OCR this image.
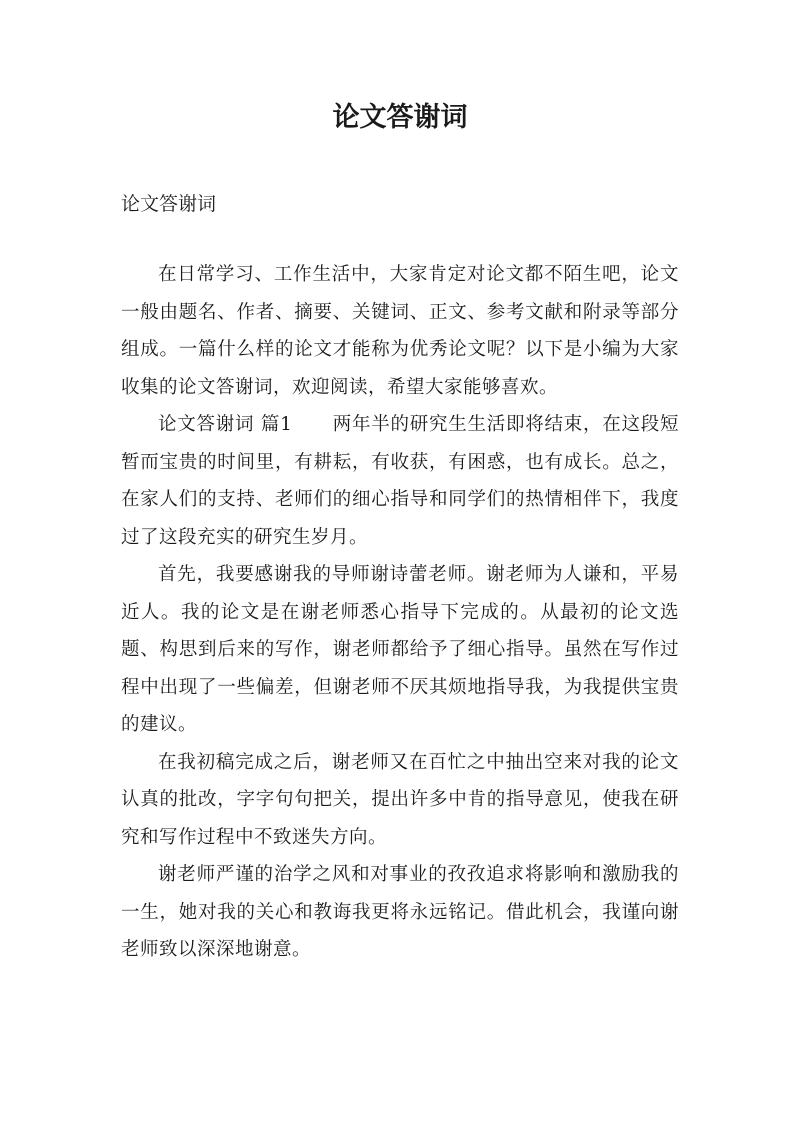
论文答谢词
论文答谢词

在日常学习、工作生活中，大家肯定对论文都不陌生吧，论文一般由题名、作者、摘要、关键词、正文、参考文献和附录等部分组成。一篇什么样的论文才能称为优秀论文呢？以下是小编为大家收集的论文答谢词，欢迎阅读，希望大家能够喜欢。

论文答谢词 篇1 两年半的研究生生活即将结束，在这段短暂而宝贵的时间里，有耕耘，有收获，有困惑，也有成长。总之，在家人们的支持、老师们的细心指导和同学们的热情相伴下，我度过了这段充实的研究生岁月。

首先，我要感谢我的导师谢诗蕾老师。谢老师为人谦和，平易近人。我的论文是在谢老师悉心指导下完成的。从最初的论文选题、构思到后来的写作，谢老师都给予了细心指导。虽然在写作过程中出现了一些偏差，但谢老师不厌其烦地指导我，为我提供宝贵的建议。

在我初稿完成之后，谢老师又在百忙之中抽出空来对我的论文认真的批改，字字句句把关，提出许多中肯的指导意见，使我在研究和写作过程中不致迷失方向。

谢老师严谨的治学之风和对事业的孜孜追求将影响和激励我的一生，她对我的关心和教诲我更将永远铭记。借此机会，我谨向谢老师致以深深地谢意。
